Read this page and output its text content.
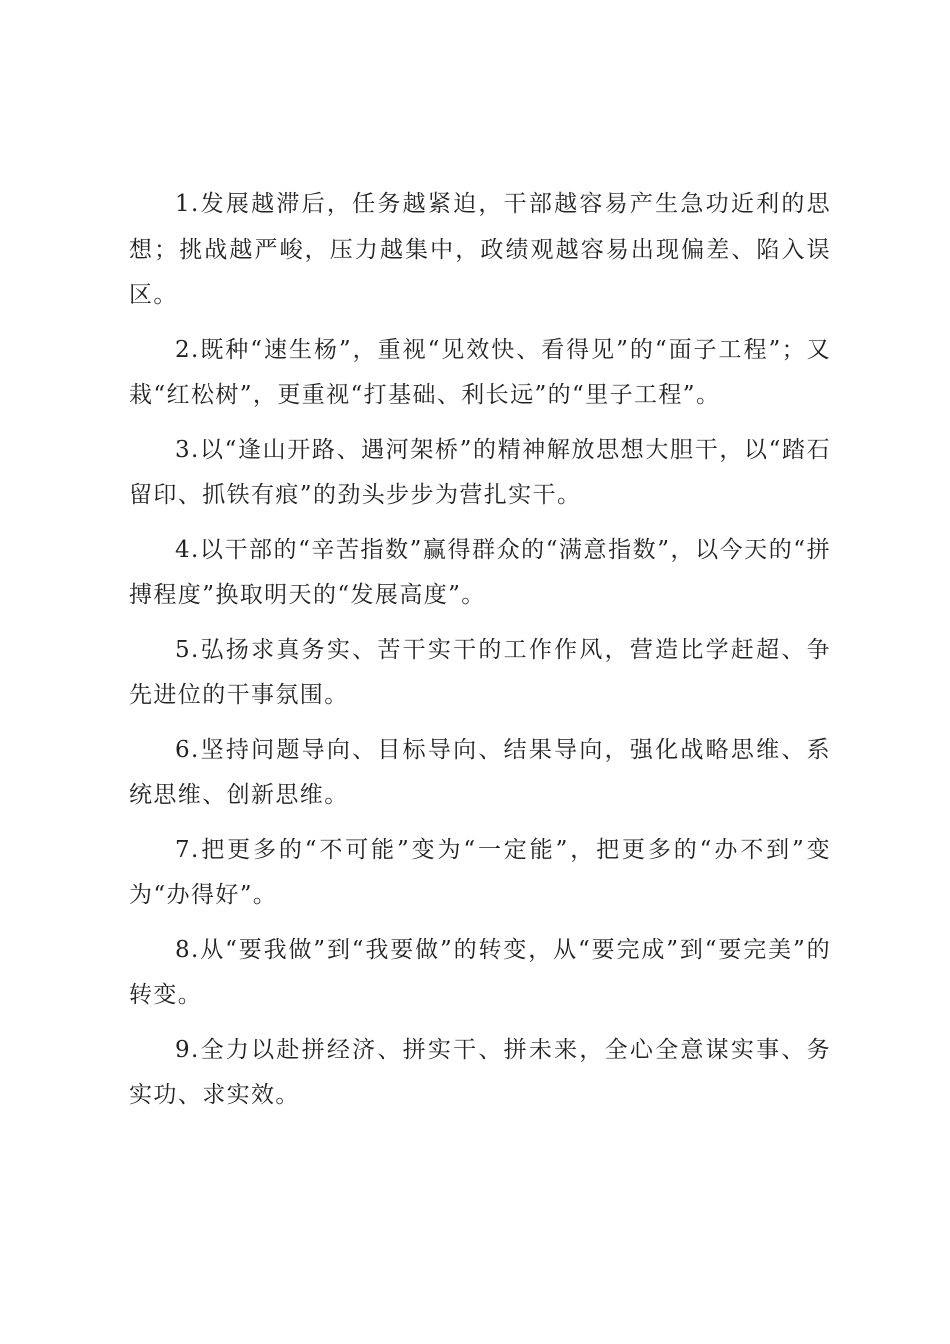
1.发展越滞后，任务越紧迫，干部越容易产生急功近利的思想；挑战越严峻，压力越集中，政绩观越容易出现偏差、陷入误区。

2.既种“速生杨”，重视“见效快、看得见”的“面子工程”；又栽“红松树”，更重视“打基础、利长远”的“里子工程”。

3.以“逢山开路、遇河架桥”的精神解放思想大胆干，以“踏石留印、抓铁有痕”的劲头步步为营扎实干。

4.以干部的“辛苦指数”赢得群众的“满意指数”，以今天的“拼搏程度”换取明天的“发展高度”。

5.弘扬求真务实、苦干实干的工作作风，营造比学赶超、争先进位的干事氛围。

6.坚持问题导向、目标导向、结果导向，强化战略思维、系统思维、创新思维。

7.把更多的“不可能”变为“一定能”，把更多的“办不到”变为“办得好”。

8.从“要我做”到“我要做”的转变，从“要完成”到“要完美”的转变。

9.全力以赴拼经济、拼实干、拼未来，全心全意谋实事、务实功、求实效。
